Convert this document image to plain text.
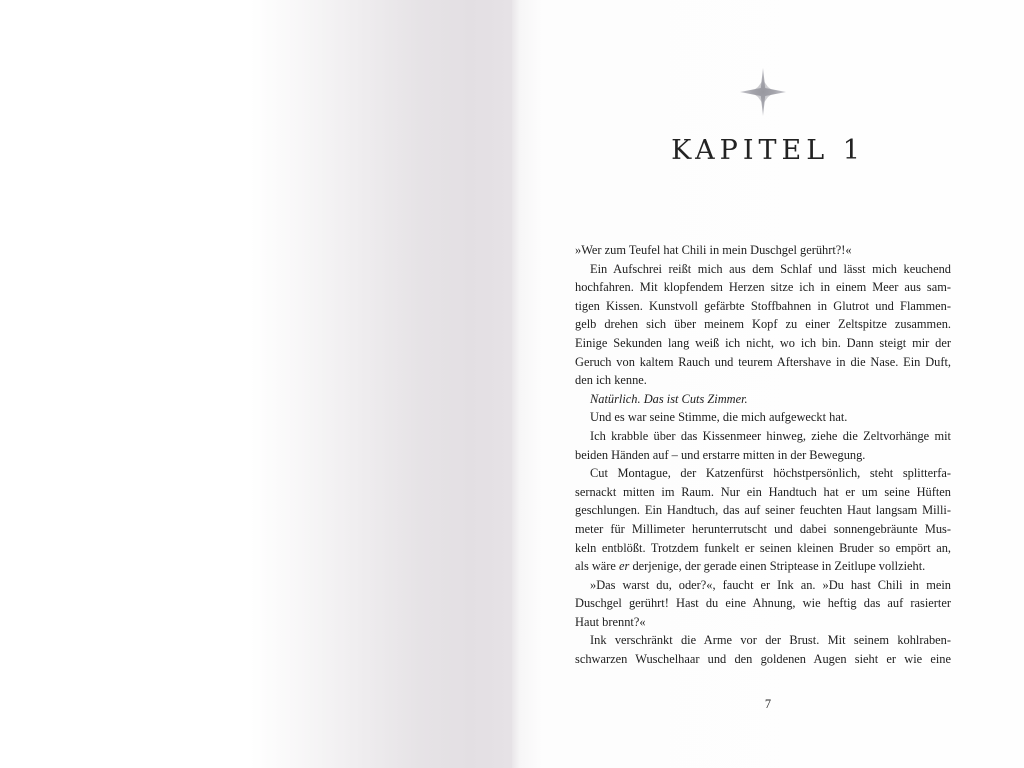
KAPITEL 1

»Wer zum Teufel hat Chili in mein Duschgel gerührt?!«

Ein Aufschrei reißt mich aus dem Schlaf und lässt mich keuchend

hochfahren. Mit klopfendem Herzen sitze ich in einem Meer aus sam-

tigen Kissen. Kunstvoll gefärbte Stoffbahnen in Glutrot und Flammen-

gelb drehen sich über meinem Kopf zu einer Zeltspitze zusammen.

Einige Sekunden lang weiß ich nicht, wo ich bin. Dann steigt mir der

Geruch von kaltem Rauch und teurem Aftershave in die Nase. Ein Duft,

den ich kenne.

Natürlich. Das ist Cuts Zimmer.

Und es war seine Stimme, die mich aufgeweckt hat.

Ich krabble über das Kissenmeer hinweg, ziehe die Zeltvorhänge mit

beiden Händen auf – und erstarre mitten in der Bewegung.

Cut Montague, der Katzenfürst höchstpersönlich, steht splitterfa-

sernackt mitten im Raum. Nur ein Handtuch hat er um seine Hüften

geschlungen. Ein Handtuch, das auf seiner feuchten Haut langsam Milli-

meter für Millimeter herunterrutscht und dabei sonnengebräunte Mus-

keln entblößt. Trotzdem funkelt er seinen kleinen Bruder so empört an,

als wäre er derjenige, der gerade einen Striptease in Zeitlupe vollzieht.

»Das warst du, oder?«, faucht er Ink an. »Du hast Chili in mein

Duschgel gerührt! Hast du eine Ahnung, wie heftig das auf rasierter

Haut brennt?«

Ink verschränkt die Arme vor der Brust. Mit seinem kohlraben-

schwarzen Wuschelhaar und den goldenen Augen sieht er wie eine

7
